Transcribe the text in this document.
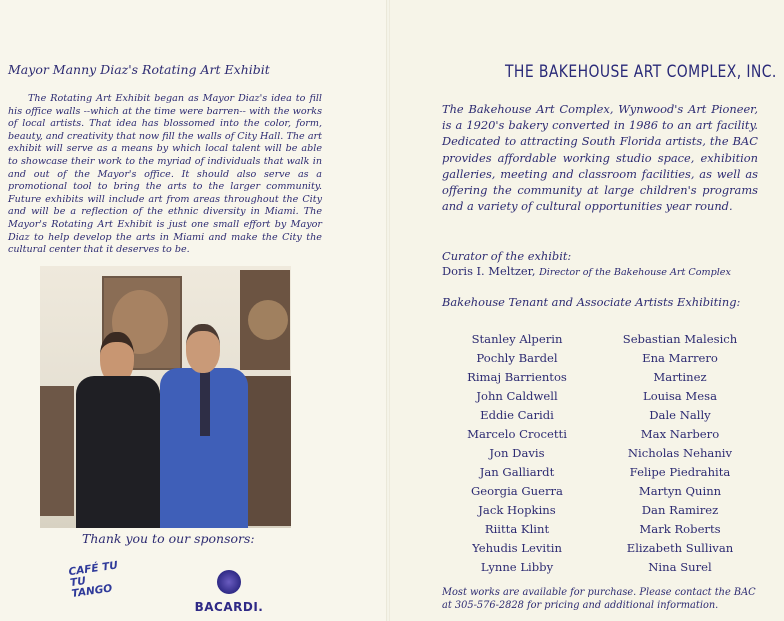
Mayor Manny Diaz's Rotating Art Exhibit

The Rotating Art Exhibit began as Mayor Diaz's idea to fill his office walls --which at the time were barren-- with the works of local artists. That idea has blossomed into the color, form, beauty, and creativity that now fill the walls of City Hall. The art exhibit will serve as a means by which local talent will be able to showcase their work to the myriad of individuals that walk in and out of the Mayor's office. It should also serve as a promotional tool to bring the arts to the larger community. Future exhibits will include art from areas throughout the City and will be a reflection of the ethnic diversity in Miami. The Mayor's Rotating Art Exhibit is just one small effort by Mayor Diaz to help develop the arts in Miami and make the City the cultural center that it deserves to be.

Thank you to our sponsors:
CAFÉ TU TU TANGO
BACARDI.
THE BAKEHOUSE ART COMPLEX, INC.

The Bakehouse Art Complex, Wynwood's Art Pioneer, is a 1920's bakery converted in 1986 to an art facility. Dedicated to attracting South Florida artists, the BAC provides affordable working studio space, exhibition galleries, meeting and classroom facilities, as well as offering the community at large children's programs and a variety of cultural opportunities year round.

Curator of the exhibit:
Doris I. Meltzer, Director of the Bakehouse Art Complex
Bakehouse Tenant and Associate Artists Exhibiting:
Stanley Alperin
Pochly Bardel
Rimaj Barrientos
John Caldwell
Eddie Caridi
Marcelo Crocetti
Jon Davis
Jan Galliardt
Georgia Guerra
Jack Hopkins
Riitta Klint
Yehudis Levitin
Lynne Libby
Sebastian Malesich
Ena Marrero
Martinez
Louisa Mesa
Dale Nally
Max Narbero
Nicholas Nehaniv
Felipe Piedrahita
Martyn Quinn
Dan Ramirez
Mark Roberts
Elizabeth Sullivan
Nina Surel

Most works are available for purchase. Please contact the BAC at 305-576-2828 for pricing and additional information.
